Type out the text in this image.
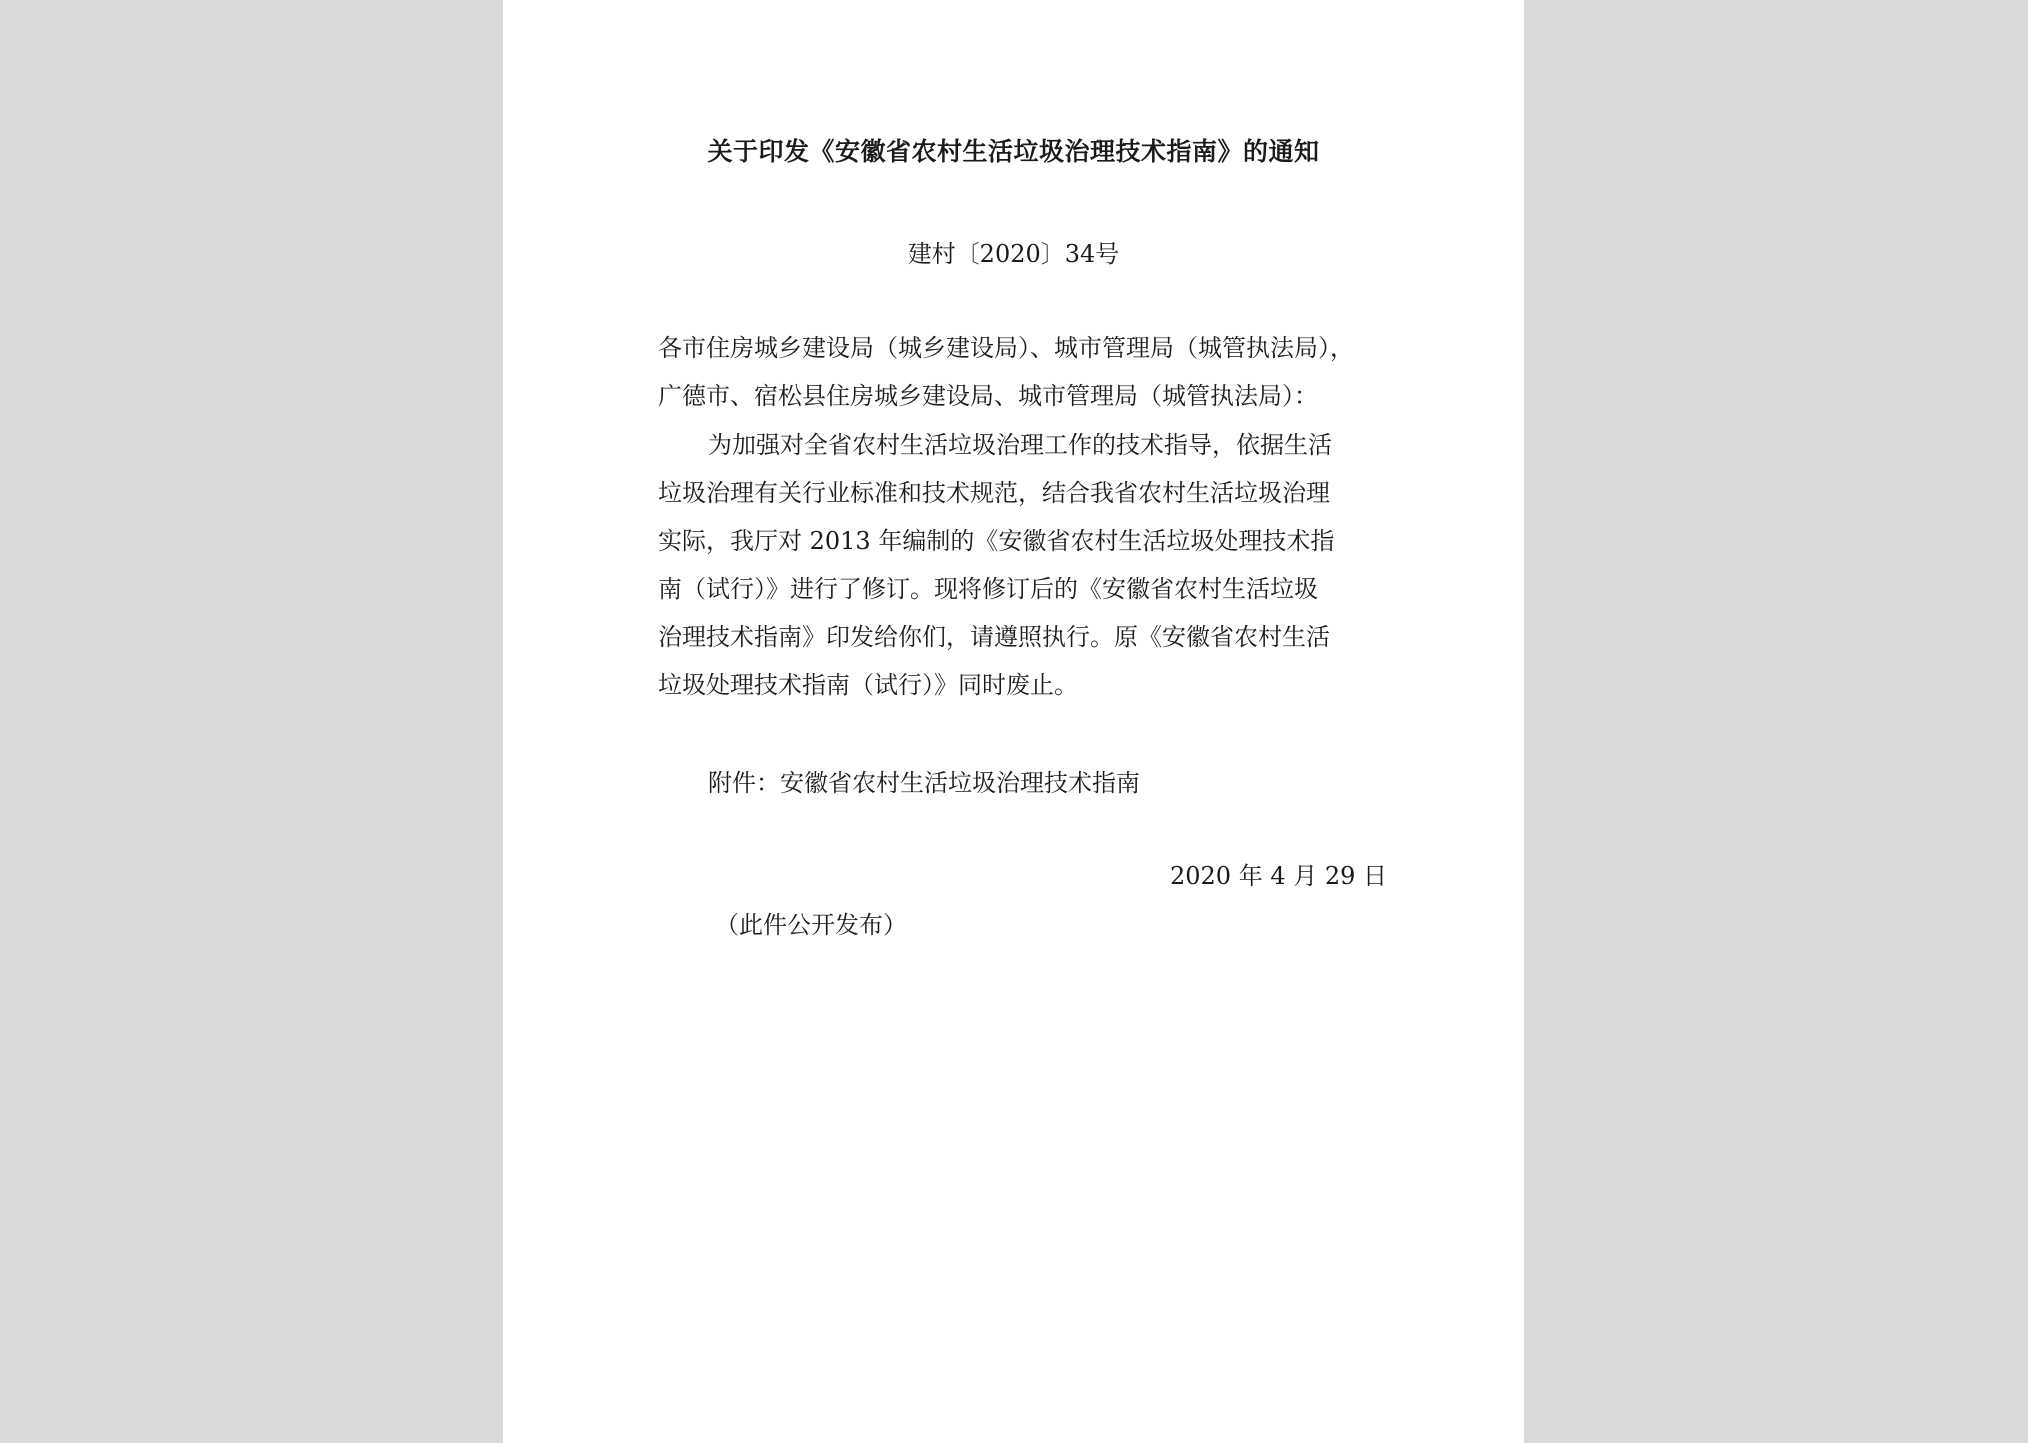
关于印发《安徽省农村生活垃圾治理技术指南》的通知
建村〔2020〕34号
各市住房城乡建设局（城乡建设局）、城市管理局（城管执法局），
广德市、宿松县住房城乡建设局、城市管理局（城管执法局）：
为加强对全省农村生活垃圾治理工作的技术指导，依据生活
垃圾治理有关行业标准和技术规范，结合我省农村生活垃圾治理
实际，我厅对 2013 年编制的《安徽省农村生活垃圾处理技术指
南（试行）》进行了修订。现将修订后的《安徽省农村生活垃圾
治理技术指南》印发给你们，请遵照执行。原《安徽省农村生活
垃圾处理技术指南（试行）》同时废止。
附件：安徽省农村生活垃圾治理技术指南
2020 年 4 月 29 日
（此件公开发布）
